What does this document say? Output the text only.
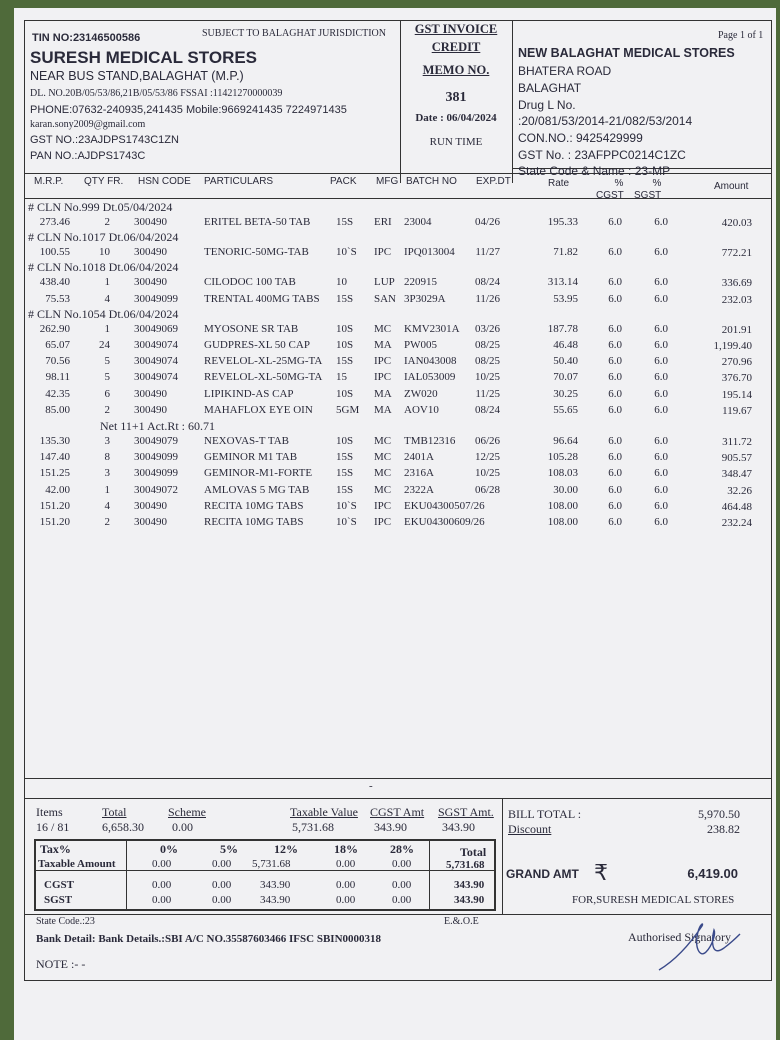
TIN NO:23146500586	SUBJECT TO BALAGHAT JURISDICTION
SURESH MEDICAL STORES
NEAR BUS STAND,BALAGHAT (M.P.)
DL. NO.20B/05/53/86,21B/05/53/86 FSSAI :11421270000039
PHONE:07632-240935,241435 Mobile:9669241435 7224971435
karan.sony2009@gmail.com
GST NO.:23AJDPS1743C1ZN
PAN NO.:AJDPS1743C
GST INVOICE
CREDIT
MEMO NO.
381
Date : 06/04/2024
RUN TIME
Page 1 of 1
NEW BALAGHAT MEDICAL STORES
BHATERA ROAD
BALAGHAT
Drug L No.
:20/081/53/2014-21/082/53/2014
CON.NO.: 9425429999
GST No. : 23AFPPC0214C1ZC
State Code & Name : 23-MP
M.R.P. QTY FR. HSN CODE PARTICULARS	PACK MFG BATCH NO EXP.DT	Rate	%	%
CGST SGST
Amount
# CLN No.999 Dt.05/04/2024
273.46	2 300490	ERITEL BETA-50 TAB	15S	ERI	23004	04/26	195.33	6.0	6.0	420.03
# CLN No.1017 Dt.06/04/2024
100.55	10 300490	TENORIC-50MG-TAB	10`S	IPC	IPQ013004	11/27	71.82	6.0	6.0	772.21
# CLN No.1018 Dt.06/04/2024
438.40	1 300490	CILODOC 100 TAB	10	LUP 220915	08/24	313.14	6.0	6.0	336.69
75.53	4 30049099	TRENTAL 400MG TABS	15S	SAN 3P3029A	11/26	53.95	6.0	6.0	232.03
# CLN No.1054 Dt.06/04/2024
262.90	1 30049069	MYOSONE SR TAB	10S	MC	KMV2301A	03/26	187.78	6.0	6.0	201.91
65.07	24 30049074	GUDPRES-XL 50 CAP	10S	MA	PW005	08/25	46.48	6.0	6.0	1,199.40
70.56	5 30049074	REVELOL-XL-25MG-TA	15S	IPC	IAN043008	08/25	50.40	6.0	6.0	270.96
98.11	5 30049074	REVELOL-XL-50MG-TA	15	IPC	IAL053009	10/25	70.07	6.0	6.0	376.70
42.35	6 300490	LIPIKIND-AS CAP	10S	MA	ZW020	11/25	30.25	6.0	6.0	195.14
85.00	2 300490	MAHAFLOX EYE OIN	5GM	MA	AOV10	08/24	55.65	6.0	6.0	119.67
Net 11+1 Act.Rt : 60.71
135.30	3 30049079	NEXOVAS-T TAB	10S	MC	TMB12316	06/26	96.64	6.0	6.0	311.72
147.40	8 30049099	GEMINOR M1 TAB	15S	MC	2401A	12/25	105.28	6.0	6.0	905.57
151.25	3 30049099	GEMINOR-M1-FORTE	15S	MC	2316A	10/25	108.03	6.0	6.0	348.47
42.00	1 30049072	AMLOVAS 5 MG TAB	15S	MC	2322A	06/28	30.00	6.0	6.0	32.26
151.20	4 300490	RECITA 10MG TABS	10`S	IPC	EKU04300507/26	108.00	6.0	6.0	464.48
151.20	2 300490	RECITA 10MG TABS	10`S	IPC	EKU04300609/26	108.00	6.0	6.0	232.24
-
Items
16 / 81
Total
6,658.30
Scheme
0.00
Taxable Value
5,731.68
CGST Amt
343.90
SGST Amt.
343.90
Tax%	0%	5%	12%	18%	28%	Total
Taxable Amount	0.00	0.00 5,731.68	0.00	0.00	5,731.68
CGST	0.00	0.00	343.90	0.00	0.00	343.90
SGST	0.00	0.00	343.90	0.00	0.00	343.90
BILL TOTAL :	5,970.50
Discount	238.82
GRAND AMT ₹	6,419.00
FOR,SURESH MEDICAL STORES
State Code.:23	E.&.O.E
Bank Detail: Bank Details.:SBI A/C NO.35587603466 IFSC SBIN0000318	Authorised Signatory
NOTE :- -
